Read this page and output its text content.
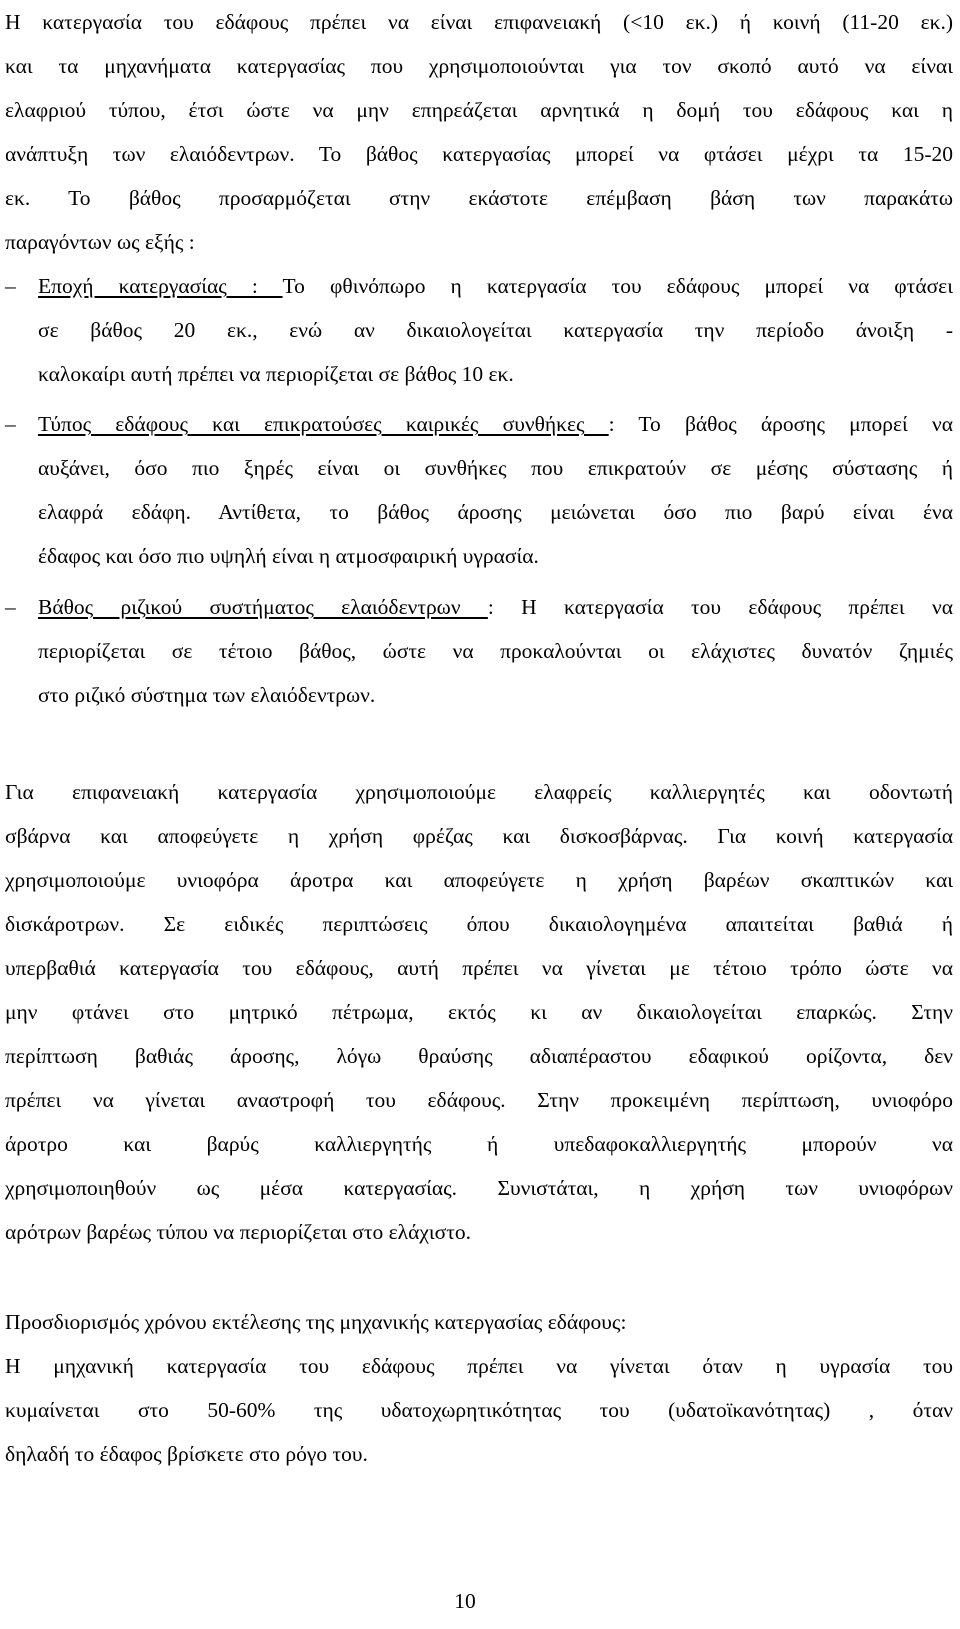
Η κατεργασία του εδάφους πρέπει να είναι επιφανειακή (<10 εκ.) ή κοινή (11-20 εκ.)
και τα μηχανήματα κατεργασίας που χρησιμοποιούνται για τον σκοπό αυτό να είναι
ελαφριού τύπου, έτσι ώστε να μην επηρεάζεται αρνητικά η δομή του εδάφους και η
ανάπτυξη των ελαιόδεντρων. Το βάθος κατεργασίας μπορεί να φτάσει μέχρι τα 15-20
εκ. Το βάθος προσαρμόζεται στην εκάστοτε επέμβαση βάση των παρακάτω
παραγόντων ως εξής :
–	Εποχή κατεργασίας : Το φθινόπωρο η κατεργασία του εδάφους μπορεί να φτάσει
σε βάθος 20 εκ., ενώ αν δικαιολογείται κατεργασία την περίοδο άνοιξη -
καλοκαίρι αυτή πρέπει να περιορίζεται σε βάθος 10 εκ.
–	Τύπος εδάφους και επικρατούσες καιρικές συνθήκες : Το βάθος άροσης μπορεί να
αυξάνει, όσο πιο ξηρές είναι οι συνθήκες που επικρατούν σε μέσης σύστασης ή
ελαφρά εδάφη. Αντίθετα, το βάθος άροσης μειώνεται όσο πιο βαρύ είναι ένα
έδαφος και όσο πιο υψηλή είναι η ατμοσφαιρική υγρασία.
–	Βάθος ριζικού συστήματος ελαιόδεντρων : Η κατεργασία του εδάφους πρέπει να
περιορίζεται σε τέτοιο βάθος, ώστε να προκαλούνται οι ελάχιστες δυνατόν ζημιές
στο ριζικό σύστημα των ελαιόδεντρων.
Για επιφανειακή κατεργασία χρησιμοποιούμε ελαφρείς καλλιεργητές και οδοντωτή
σβάρνα και αποφεύγετε η χρήση φρέζας και δισκοσβάρνας. Για κοινή κατεργασία
χρησιμοποιούμε υνιοφόρα άροτρα και αποφεύγετε η χρήση βαρέων σκαπτικών και
δισκάροτρων. Σε ειδικές περιπτώσεις όπου δικαιολογημένα απαιτείται βαθιά ή
υπερβαθιά κατεργασία του εδάφους, αυτή πρέπει να γίνεται με τέτοιο τρόπο ώστε να
μην φτάνει στο μητρικό πέτρωμα, εκτός κι αν δικαιολογείται επαρκώς. Στην
περίπτωση βαθιάς άροσης, λόγω θραύσης αδιαπέραστου εδαφικού ορίζοντα, δεν
πρέπει να γίνεται αναστροφή του εδάφους. Στην προκειμένη περίπτωση, υνιοφόρο
άροτρο και βαρύς καλλιεργητής ή υπεδαφοκαλλιεργητής μπορούν να
χρησιμοποιηθούν ως μέσα κατεργασίας. Συνιστάται, η χρήση των υνιοφόρων
αρότρων βαρέως τύπου να περιορίζεται στο ελάχιστο.
Προσδιορισμός χρόνου εκτέλεσης της μηχανικής κατεργασίας εδάφους:
Η μηχανική κατεργασία του εδάφους πρέπει να γίνεται όταν η υγρασία του
κυμαίνεται στο 50-60% της υδατοχωρητικότητας του (υδατοϊκανότητας) , όταν
δηλαδή το έδαφος βρίσκετε στο ρόγο του.
10
